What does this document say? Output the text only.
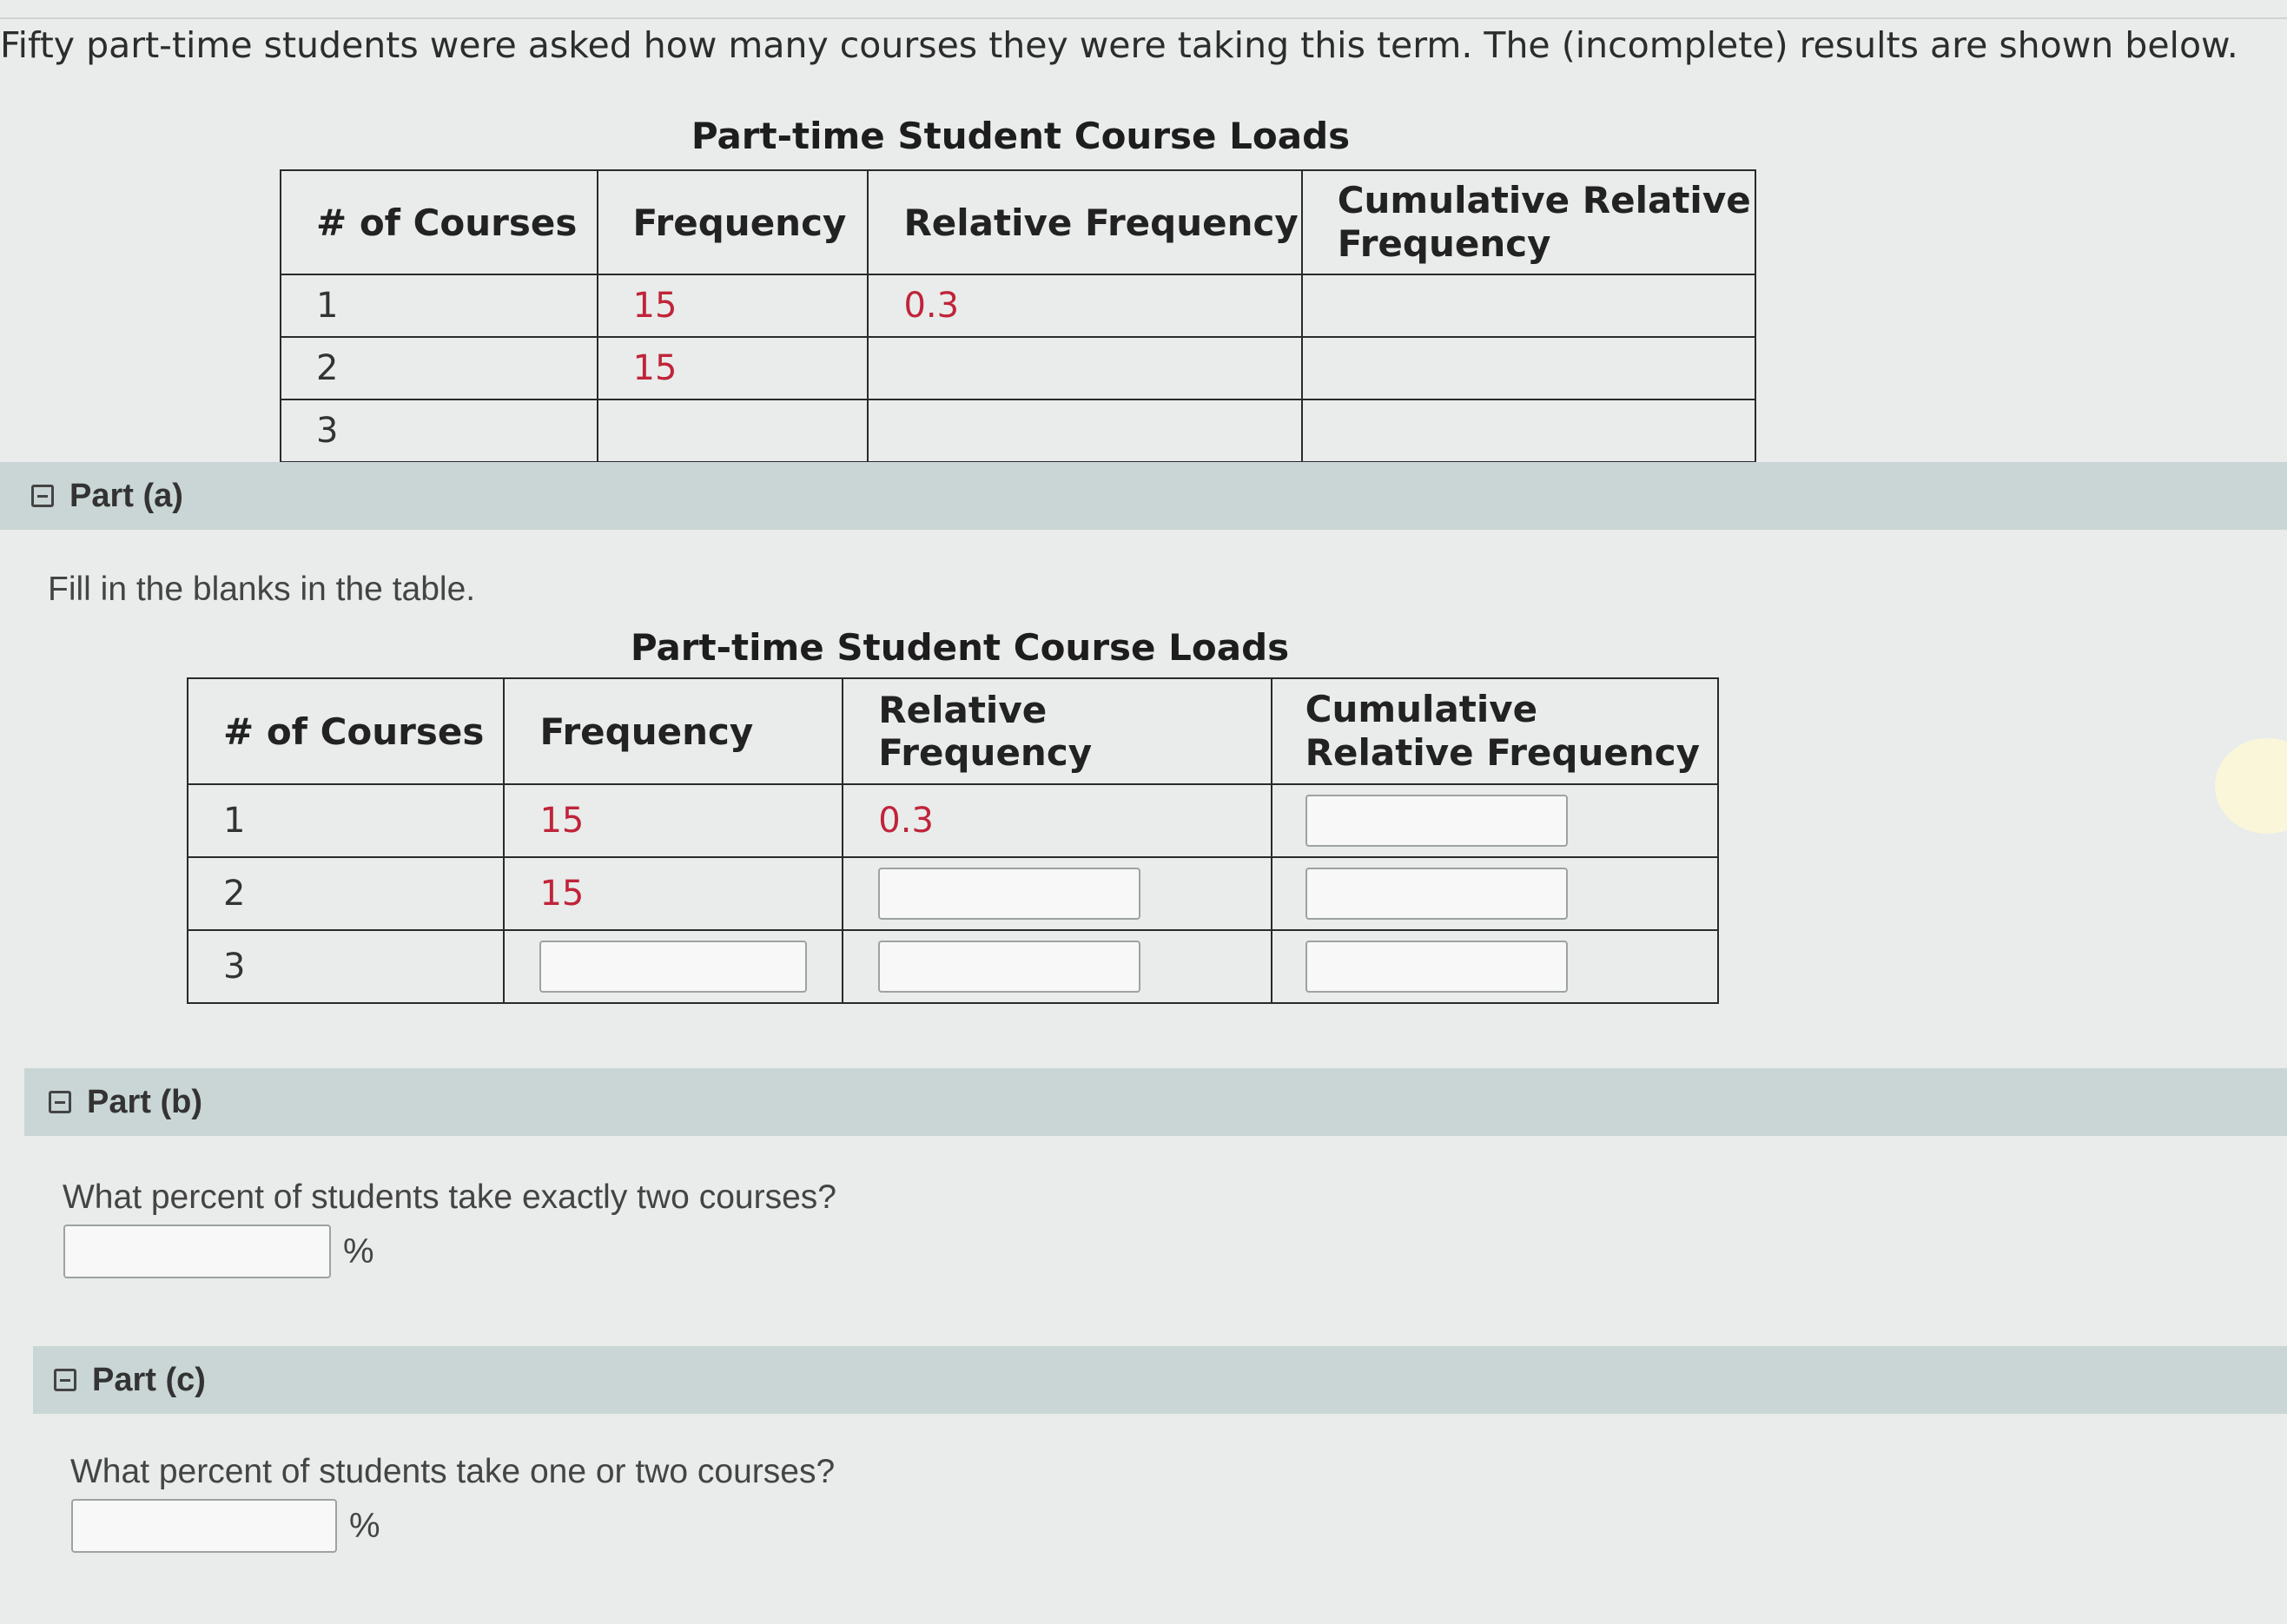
Fifty part-time students were asked how many courses they were taking this term. The (incomplete) results are shown below.
Part-time Student Course Loads
# of Courses	Frequency	Relative Frequency	Cumulative Relative Frequency
1	15	0.3	
2	15		
3			
Part (a)
Fill in the blanks in the table.
Part-time Student Course Loads
# of Courses	Frequency	Relative Frequency	Cumulative Relative Frequency
1	15	0.3	
2	15		
3			
Part (b)
What percent of students take exactly two courses?
%
Part (c)
What percent of students take one or two courses?
%
